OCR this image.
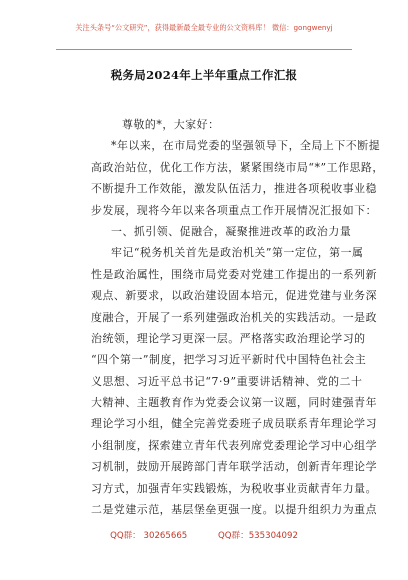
关注头条号“公文研究”，获得最新最全最专业的公文资料库！ 微信：gongwenyj
税务局2024年上半年重点工作汇报
尊敬的*，大家好：
*年以来，在市局党委的坚强领导下，全局上下不断提
高政治站位，优化工作方法，紧紧围绕市局“*”工作思路，
不断提升工作效能，激发队伍活力，推进各项税收事业稳
步发展，现将今年以来各项重点工作开展情况汇报如下：
一、抓引领、促融合，凝聚推进改革的政治力量
牢记“税务机关首先是政治机关”第一定位，第一属
性是政治属性，围绕市局党委对党建工作提出的一系列新
观点、新要求，以政治建设固本培元，促进党建与业务深
度融合，开展了一系列建强政治机关的实践活动。一是政
治统领，理论学习更深一层。严格落实政治理论学习的
“四个第一”制度，把学习习近平新时代中国特色社会主
义思想、习近平总书记“7·9”重要讲话精神、党的二十
大精神、主题教育作为党委会议第一议题，同时建强青年
理论学习小组，健全完善党委班子成员联系青年理论学习
小组制度，探索建立青年代表列席党委理论学习中心组学
习机制，鼓励开展跨部门青年联学活动，创新青年理论学
习方式，加强青年实践锻炼，为税收事业贡献青年力量。
二是党建示范，基层堡垒更强一度。以提升组织力为重点
QQ群： 30265665	QQ群：535304092
